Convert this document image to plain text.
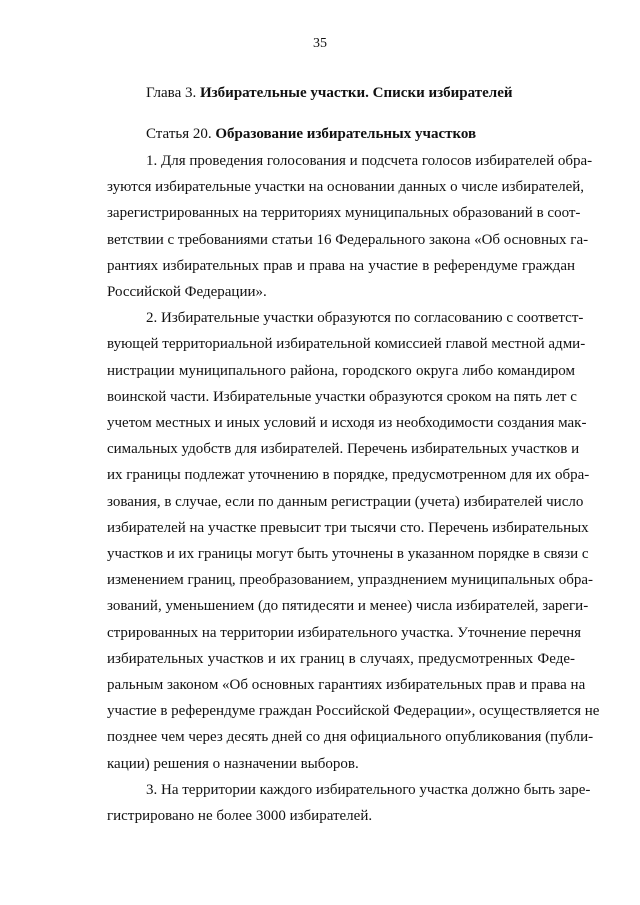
35
Глава 3. Избирательные участки. Списки избирателей
Статья 20. Образование избирательных участков
1. Для проведения голосования и подсчета голосов избирателей обра-
зуются избирательные участки на основании данных о числе избирателей,
зарегистрированных на территориях муниципальных образований в соот-
ветствии с требованиями статьи 16 Федерального закона «Об основных га-
рантиях избирательных прав и права на участие в референдуме граждан
Российской Федерации».
2. Избирательные участки образуются по согласованию с соответст-
вующей территориальной избирательной комиссией главой местной адми-
нистрации муниципального района, городского округа либо командиром
воинской части. Избирательные участки образуются сроком на пять лет с
учетом местных и иных условий и исходя из необходимости создания мак-
симальных удобств для избирателей. Перечень избирательных участков и
их границы подлежат уточнению в порядке, предусмотренном для их обра-
зования, в случае, если по данным регистрации (учета) избирателей число
избирателей на участке превысит три тысячи сто. Перечень избирательных
участков и их границы могут быть уточнены в указанном порядке в связи с
изменением границ, преобразованием, упразднением муниципальных обра-
зований, уменьшением (до пятидесяти и менее) числа избирателей, зареги-
стрированных на территории избирательного участка. Уточнение перечня
избирательных участков и их границ в случаях, предусмотренных Феде-
ральным законом «Об основных гарантиях избирательных прав и права на
участие в референдуме граждан Российской Федерации», осуществляется не
позднее чем через десять дней со дня официального опубликования (публи-
кации) решения о назначении выборов.
3. На территории каждого избирательного участка должно быть заре-
гистрировано не более 3000 избирателей.
